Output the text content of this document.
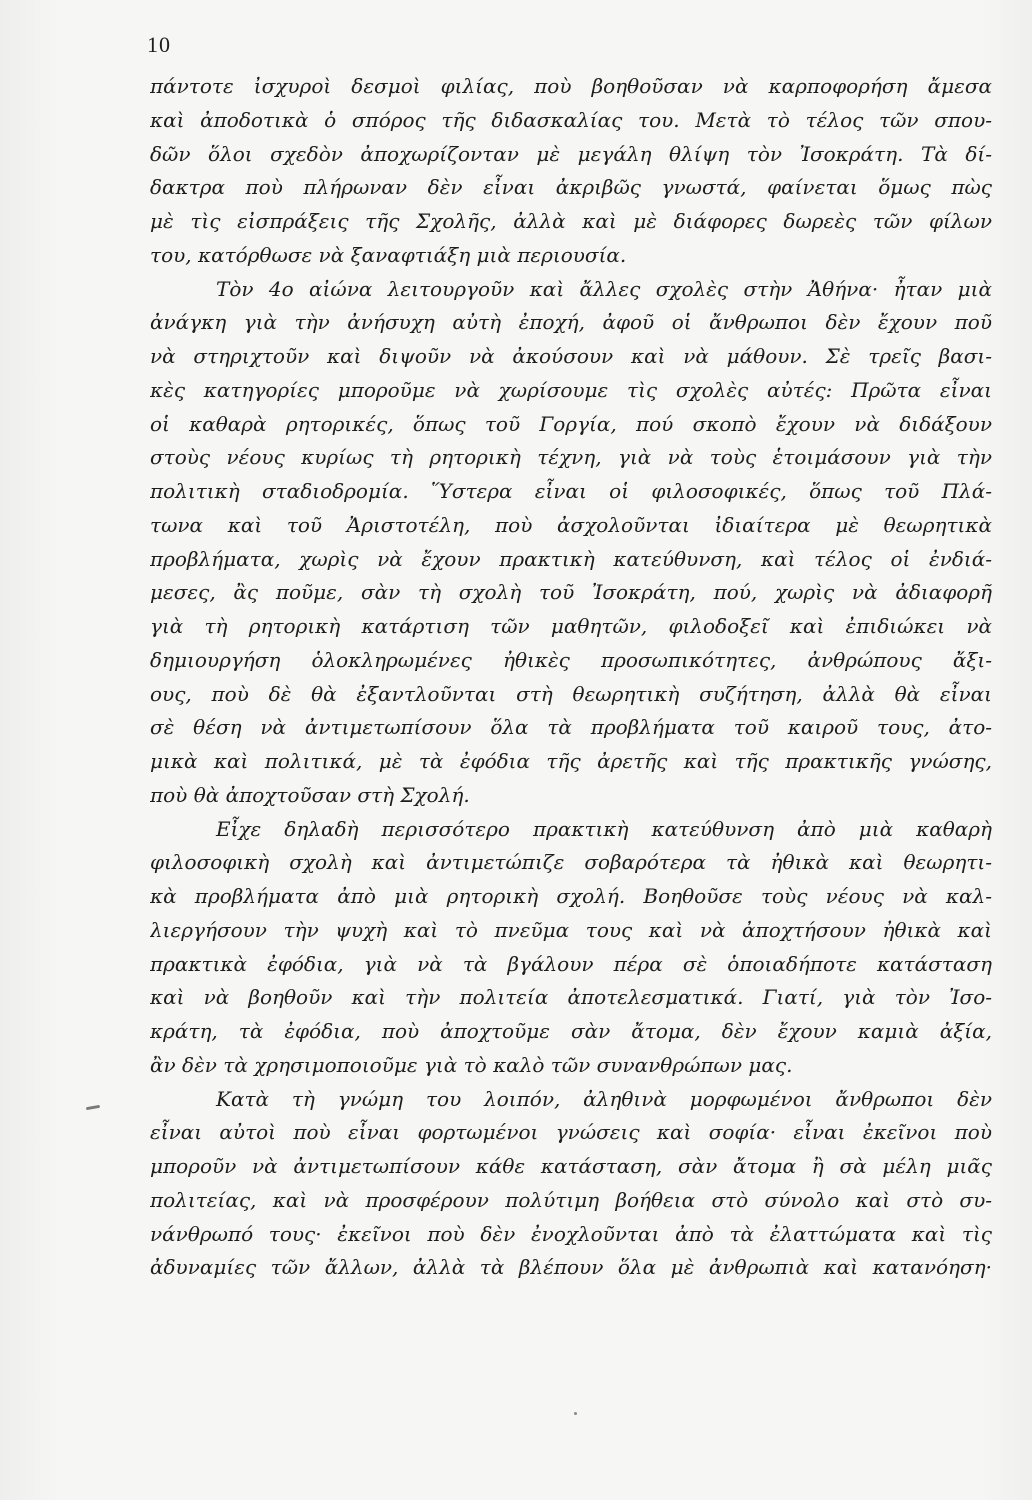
10
πάντοτε ἰσχυροὶ δεσμοὶ φιλίας, ποὺ βοηθοῦσαν νὰ καρποφορήση ἄμεσα
καὶ ἀποδοτικὰ ὁ σπόρος τῆς διδασκαλίας του. Μετὰ τὸ τέλος τῶν σπου-
δῶν ὅλοι σχεδὸν ἀποχωρίζονταν μὲ μεγάλη θλίψη τὸν Ἰσοκράτη. Τὰ δί-
δακτρα ποὺ πλήρωναν δὲν εἶναι ἀκριβῶς γνωστά, φαίνεται ὅμως πὼς
μὲ τὶς εἰσπράξεις τῆς Σχολῆς, ἀλλὰ καὶ μὲ διάφορες δωρεὲς τῶν φίλων
του, κατόρθωσε νὰ ξαναφτιάξη μιὰ περιουσία.
Τὸν 4ο αἰώνα λειτουργοῦν καὶ ἄλλες σχολὲς στὴν Ἀθήνα· ἦταν μιὰ
ἀνάγκη γιὰ τὴν ἀνήσυχη αὐτὴ ἐποχή, ἀφοῦ οἱ ἄνθρωποι δὲν ἔχουν ποῦ
νὰ στηριχτοῦν καὶ διψοῦν νὰ ἀκούσουν καὶ νὰ μάθουν. Σὲ τρεῖς βασι-
κὲς κατηγορίες μποροῦμε νὰ χωρίσουμε τὶς σχολὲς αὐτές: Πρῶτα εἶναι
οἱ καθαρὰ ρητορικές, ὅπως τοῦ Γοργία, πού σκοπὸ ἔχουν νὰ διδάξουν
στοὺς νέους κυρίως τὴ ρητορικὴ τέχνη, γιὰ νὰ τοὺς ἑτοιμάσουν γιὰ τὴν
πολιτικὴ σταδιοδρομία. Ὕστερα εἶναι οἱ φιλοσοφικές, ὅπως τοῦ Πλά-
τωνα καὶ τοῦ Ἀριστοτέλη, ποὺ ἀσχολοῦνται ἰδιαίτερα μὲ θεωρητικὰ
προβλήματα, χωρὶς νὰ ἔχουν πρακτικὴ κατεύθυνση, καὶ τέλος οἱ ἐνδιά-
μεσες, ἂς ποῦμε, σὰν τὴ σχολὴ τοῦ Ἰσοκράτη, πού, χωρὶς νὰ ἀδιαφορῆ
γιὰ τὴ ρητορικὴ κατάρτιση τῶν μαθητῶν, φιλοδοξεῖ καὶ ἐπιδιώκει νὰ
δημιουργήση ὁλοκληρωμένες ἠθικὲς προσωπικότητες, ἀνθρώπους ἄξι-
ους, ποὺ δὲ θὰ ἐξαντλοῦνται στὴ θεωρητικὴ συζήτηση, ἀλλὰ θὰ εἶναι
σὲ θέση νὰ ἀντιμετωπίσουν ὅλα τὰ προβλήματα τοῦ καιροῦ τους, ἀτο-
μικὰ καὶ πολιτικά, μὲ τὰ ἐφόδια τῆς ἀρετῆς καὶ τῆς πρακτικῆς γνώσης,
ποὺ θὰ ἀποχτοῦσαν στὴ Σχολή.
Εἶχε δηλαδὴ περισσότερο πρακτικὴ κατεύθυνση ἀπὸ μιὰ καθαρὴ
φιλοσοφικὴ σχολὴ καὶ ἀντιμετώπιζε σοβαρότερα τὰ ἠθικὰ καὶ θεωρητι-
κὰ προβλήματα ἀπὸ μιὰ ρητορικὴ σχολή. Βοηθοῦσε τοὺς νέους νὰ καλ-
λιεργήσουν τὴν ψυχὴ καὶ τὸ πνεῦμα τους καὶ νὰ ἀποχτήσουν ἠθικὰ καὶ
πρακτικὰ ἐφόδια, γιὰ νὰ τὰ βγάλουν πέρα σὲ ὁποιαδήποτε κατάσταση
καὶ νὰ βοηθοῦν καὶ τὴν πολιτεία ἀποτελεσματικά. Γιατί, γιὰ τὸν Ἰσο-
κράτη, τὰ ἐφόδια, ποὺ ἀποχτοῦμε σὰν ἄτομα, δὲν ἔχουν καμιὰ ἀξία,
ἂν δὲν τὰ χρησιμοποιοῦμε γιὰ τὸ καλὸ τῶν συνανθρώπων μας.
Κατὰ τὴ γνώμη του λοιπόν, ἀληθινὰ μορφωμένοι ἄνθρωποι δὲν
εἶναι αὐτοὶ ποὺ εἶναι φορτωμένοι γνώσεις καὶ σοφία· εἶναι ἐκεῖνοι ποὺ
μποροῦν νὰ ἀντιμετωπίσουν κάθε κατάσταση, σὰν ἄτομα ἢ σὰ μέλη μιᾶς
πολιτείας, καὶ νὰ προσφέρουν πολύτιμη βοήθεια στὸ σύνολο καὶ στὸ συ-
νάνθρωπό τους· ἐκεῖνοι ποὺ δὲν ἐνοχλοῦνται ἀπὸ τὰ ἐλαττώματα καὶ τὶς
ἀδυναμίες τῶν ἄλλων, ἀλλὰ τὰ βλέπουν ὅλα μὲ ἀνθρωπιὰ καὶ κατανόηση·
